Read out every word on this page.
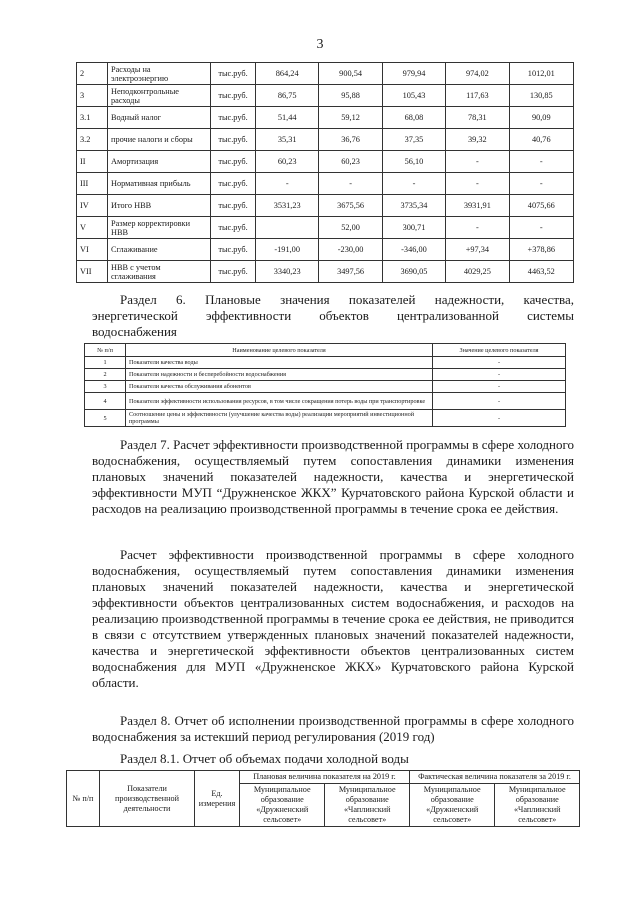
3
2	Расходы на электроэнергию	тыс.руб.	864,24	900,54	979,94	974,02	1012,01
3	Неподконтрольные расходы	тыс.руб.	86,75	95,88	105,43	117,63	130,85
3.1	Водный налог	тыс.руб.	51,44	59,12	68,08	78,31	90,09
3.2	прочие налоги и сборы	тыс.руб.	35,31	36,76	37,35	39,32	40,76
II	Амортизация	тыс.руб.	60,23	60,23	56,10	-	-
III	Нормативная прибыль	тыс.руб.	-	-	-	-	-
IV	Итого НВВ	тыс.руб.	3531,23	3675,56	3735,34	3931,91	4075,66
V	Размер корректировки НВВ	тыс.руб.		52,00	300,71	-	-
VI	Сглаживание	тыс.руб.	-191,00	-230,00	-346,00	+97,34	+378,86
VII	НВВ с учетом сглаживания	тыс.руб.	3340,23	3497,56	3690,05	4029,25	4463,52
Раздел 6. Плановые значения показателей надежности, качества,
энергетической эффективности объектов централизованной системы
водоснабжения
№ п/п	Наименование целевого показателя	Значение целевого показателя
1	Показатели качества воды	-
2	Показатели надежности и бесперебойности водоснабжения	-
3	Показатели качества обслуживания абонентов	-
4	Показатели эффективности использования ресурсов, в том числе сокращения потерь воды при транспортировке	-
5	Соотношение цены и эффективности (улучшение качества воды) реализации мероприятий инвестиционной программы	-
Раздел 7. Расчет эффективности производственной программы в сфере холодного водоснабжения, осуществляемый путем сопоставления динамики изменения плановых значений показателей надежности, качества и энергетической эффективности МУП “Дружненское ЖКХ” Курчатовского района Курской области и расходов на реализацию производственной программы в течение срока ее действия.
Расчет эффективности производственной программы в сфере холодного водоснабжения, осуществляемый путем сопоставления динамики изменения плановых значений показателей надежности, качества и энергетической эффективности объектов централизованных систем водоснабжения, и расходов на реализацию производственной программы в течение срока ее действия, не приводится в связи с отсутствием утвержденных плановых значений показателей надежности, качества и энергетической эффективности объектов централизованных систем водоснабжения для МУП «Дружненское ЖКХ» Курчатовского района Курской области.
Раздел 8. Отчет об исполнении производственной программы в сфере холодного водоснабжения за истекший период регулирования (2019 год)
Раздел 8.1. Отчет об объемах подачи холодной воды
№ п/п	Показатели производственной деятельности	Ед. измерения	Плановая величина показателя на 2019 г.		Фактическая величина показателя за 2019 г.	
			Муниципальное образование «Дружненский сельсовет»	Муниципальное образование «Чаплинский сельсовет»	Муниципальное образование «Дружненский сельсовет»	Муниципальное образование «Чаплинский сельсовет»
